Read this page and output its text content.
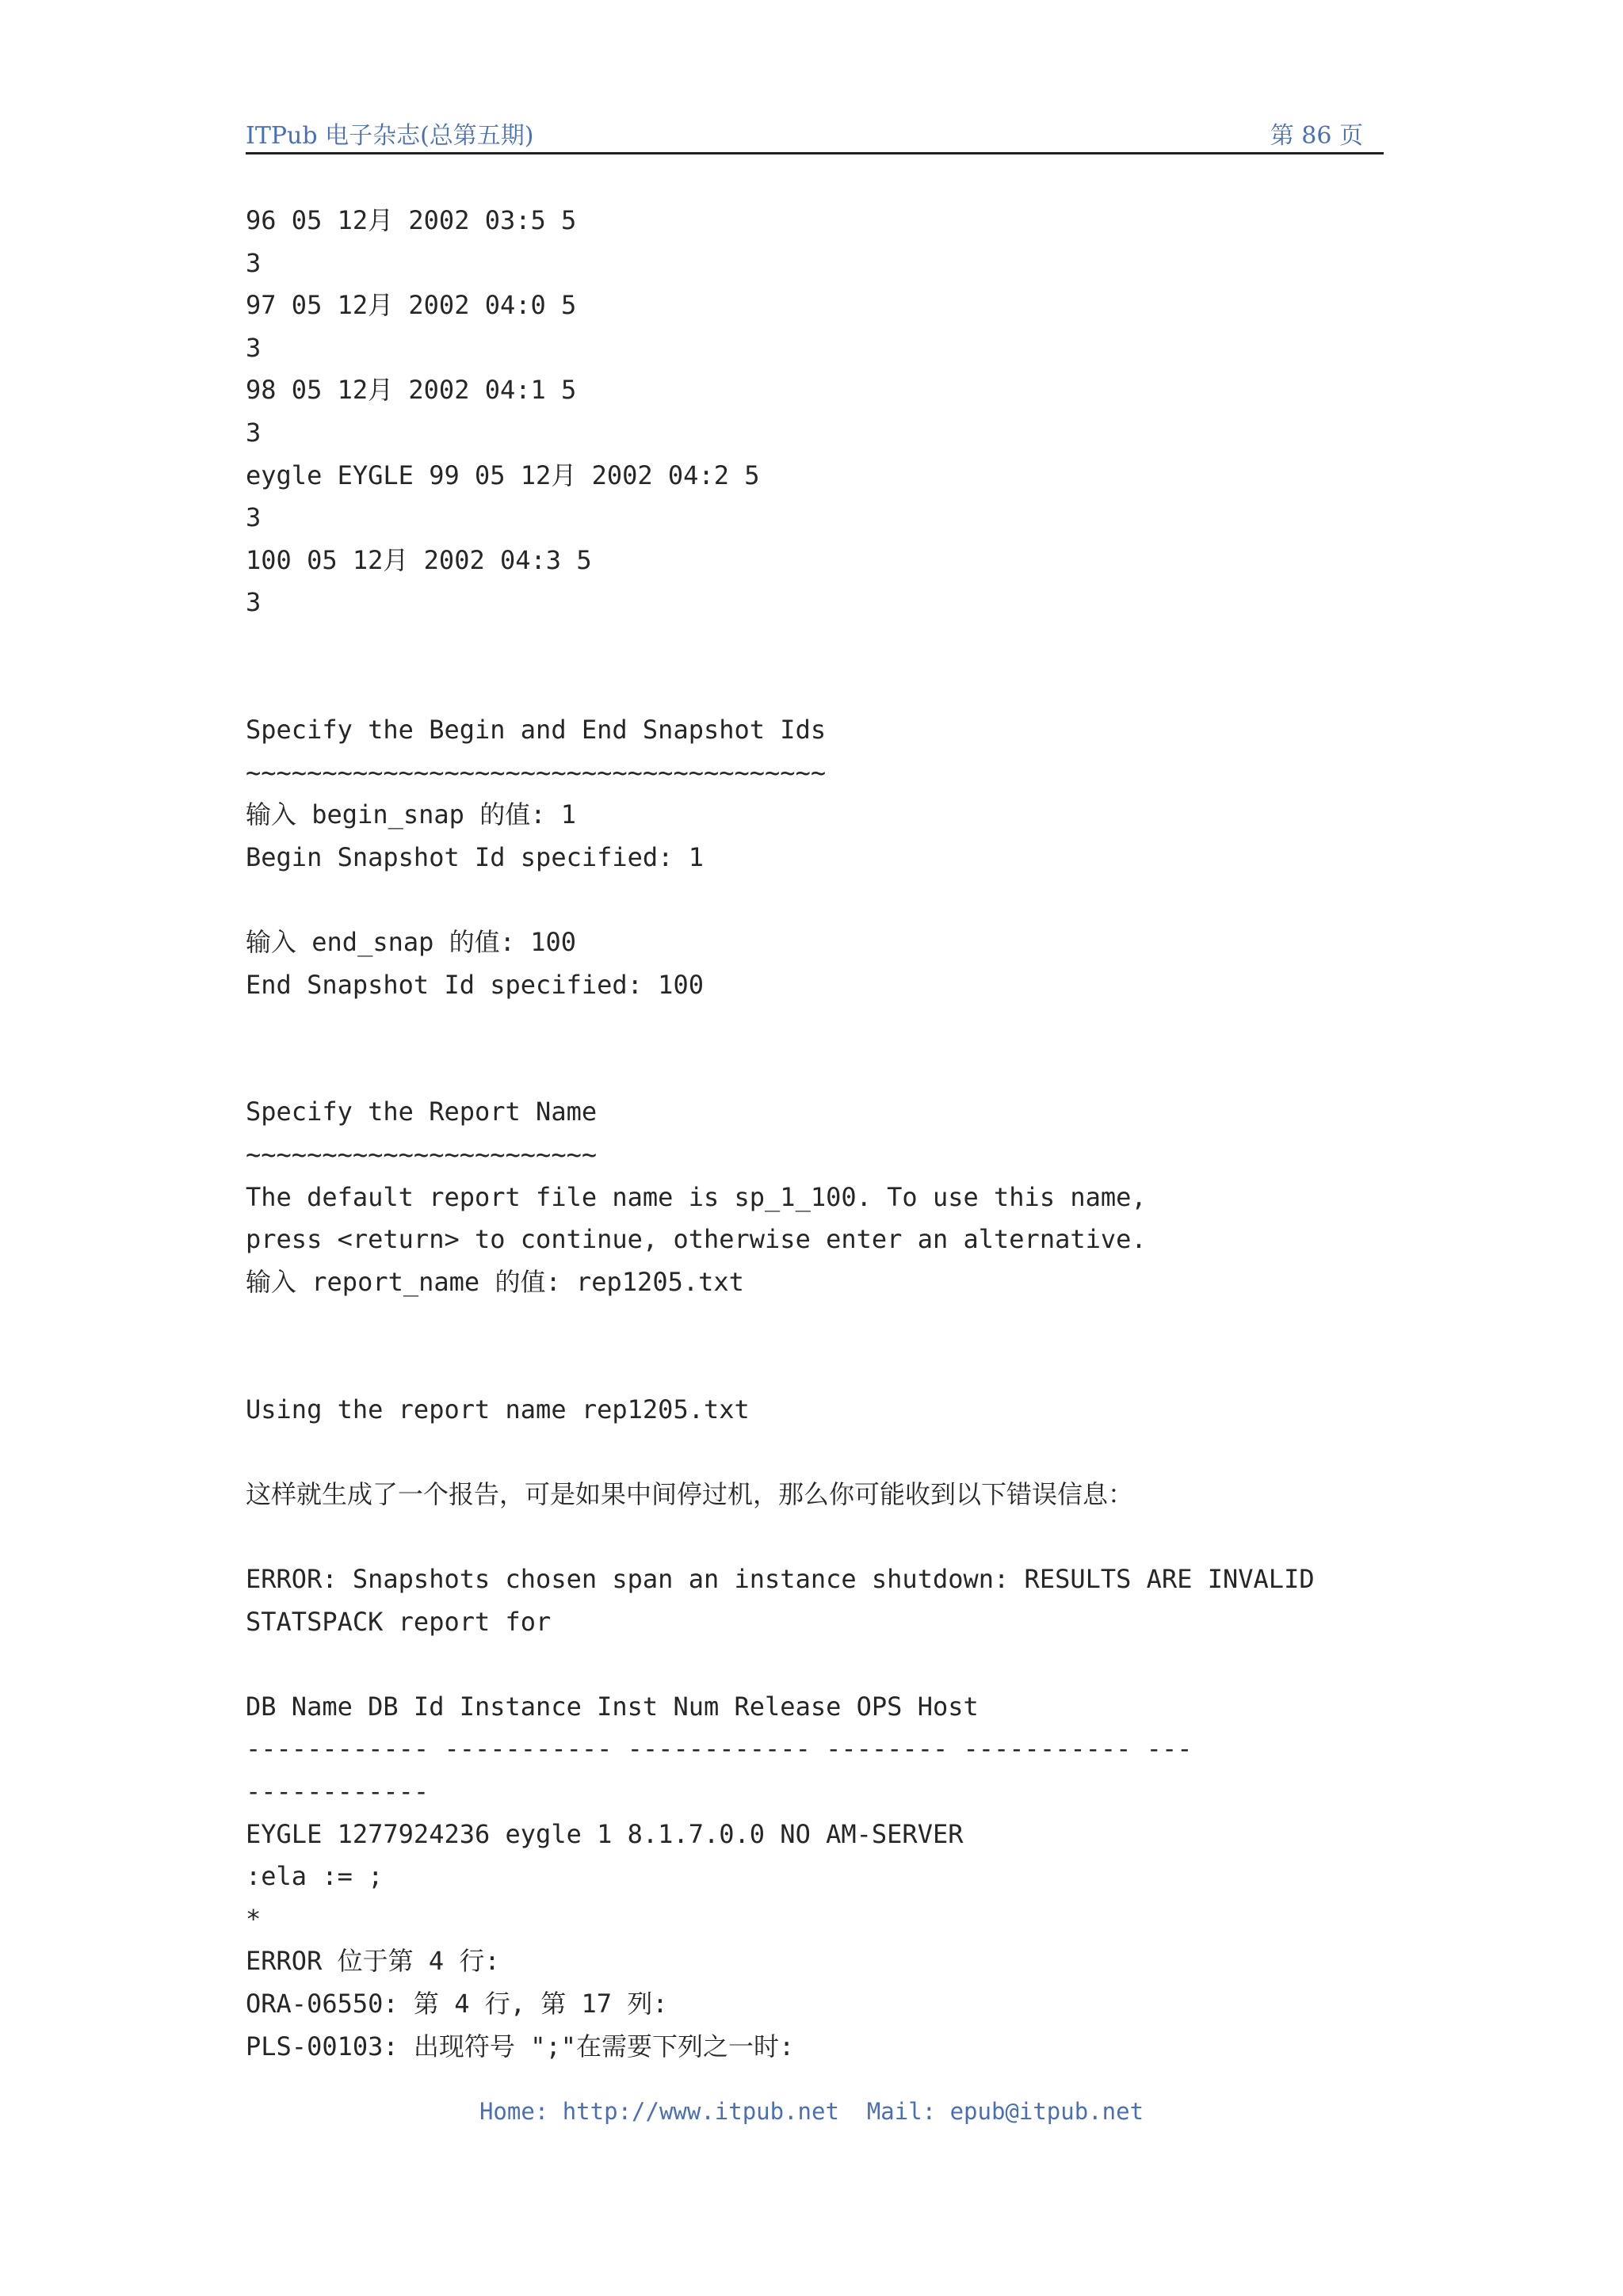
ITPub 电子杂志(总第五期)	第 86 页
96 05 12月 2002 03:5 5
3
97 05 12月 2002 04:0 5
3
98 05 12月 2002 04:1 5
3
eygle EYGLE 99 05 12月 2002 04:2 5
3
100 05 12月 2002 04:3 5
3
Specify the Begin and End Snapshot Ids
~~~~~~~~~~~~~~~~~~~~~~~~~~~~~~~~~~~~~~
输入 begin_snap 的值: 1
Begin Snapshot Id specified: 1
输入 end_snap 的值: 100
End Snapshot Id specified: 100
Specify the Report Name
~~~~~~~~~~~~~~~~~~~~~~~
The default report file name is sp_1_100. To use this name,
press <return> to continue, otherwise enter an alternative.
输入 report_name 的值: rep1205.txt
Using the report name rep1205.txt
这样就生成了一个报告，可是如果中间停过机，那么你可能收到以下错误信息：
ERROR: Snapshots chosen span an instance shutdown: RESULTS ARE INVALID
STATSPACK report for
DB Name DB Id Instance Inst Num Release OPS Host
------------ ----------- ------------ -------- ----------- ---
------------
EYGLE 1277924236 eygle 1 8.1.7.0.0 NO AM-SERVER
:ela := ;
*
ERROR 位于第 4 行:
ORA-06550: 第 4 行, 第 17 列:
PLS-00103: 出现符号 ";"在需要下列之一时:
Home: http://www.itpub.net  Mail: epub@itpub.net
